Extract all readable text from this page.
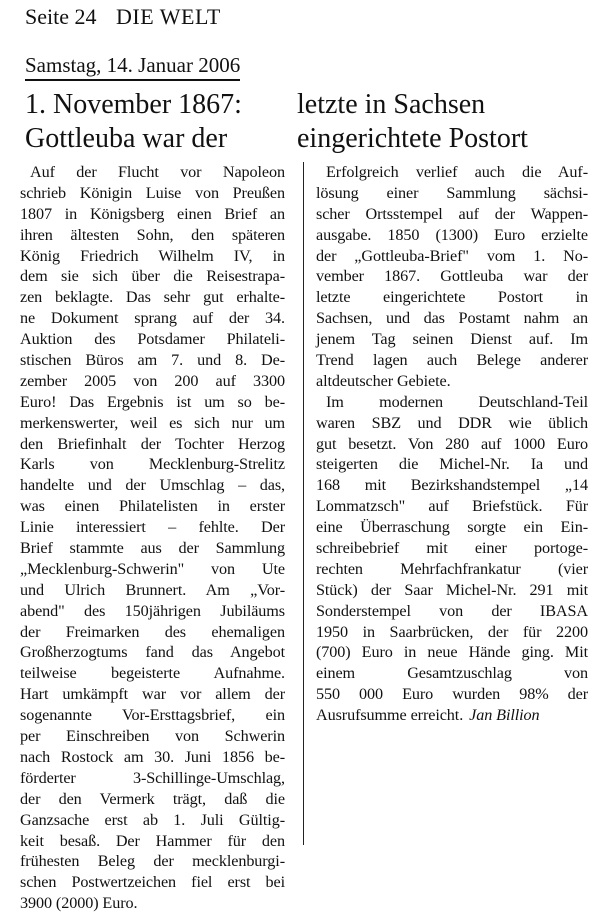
Seite 24 DIE WELT
Samstag, 14. Januar 2006
1. November 1867:
Gottleuba war der
letzte in Sachsen
eingerichtete Postort
Auf der Flucht vor Napoleon
schrieb Königin Luise von Preußen
1807 in Königsberg einen Brief an
ihren ältesten Sohn, den späteren
König Friedrich Wilhelm IV, in
dem sie sich über die Reisestrapa-
zen beklagte. Das sehr gut erhalte-
ne Dokument sprang auf der 34.
Auktion des Potsdamer Philateli-
stischen Büros am 7. und 8. De-
zember 2005 von 200 auf 3300
Euro! Das Ergebnis ist um so be-
merkenswerter, weil es sich nur um
den Briefinhalt der Tochter Herzog
Karls von Mecklenburg-Strelitz
handelte und der Umschlag – das,
was einen Philatelisten in erster
Linie interessiert – fehlte. Der
Brief stammte aus der Sammlung
„Mecklenburg-Schwerin" von Ute
und Ulrich Brunnert. Am „Vor-
abend" des 150jährigen Jubiläums
der Freimarken des ehemaligen
Großherzogtums fand das Angebot
teilweise begeisterte Aufnahme.
Hart umkämpft war vor allem der
sogenannte Vor-Ersttagsbrief, ein
per Einschreiben von Schwerin
nach Rostock am 30. Juni 1856 be-
förderter 3-Schillinge-Umschlag,
der den Vermerk trägt, daß die
Ganzsache erst ab 1. Juli Gültig-
keit besaß. Der Hammer für den
frühesten Beleg der mecklenburgi-
schen Postwertzeichen fiel erst bei
3900 (2000) Euro.
Erfolgreich verlief auch die Auf-
lösung einer Sammlung sächsi-
scher Ortsstempel auf der Wappen-
ausgabe. 1850 (1300) Euro erzielte
der „Gottleuba-Brief" vom 1. No-
vember 1867. Gottleuba war der
letzte eingerichtete Postort in
Sachsen, und das Postamt nahm an
jenem Tag seinen Dienst auf. Im
Trend lagen auch Belege anderer
altdeutscher Gebiete.
Im modernen Deutschland-Teil
waren SBZ und DDR wie üblich
gut besetzt. Von 280 auf 1000 Euro
steigerten die Michel-Nr. Ia und
168 mit Bezirkshandstempel „14
Lommatzsch" auf Briefstück. Für
eine Überraschung sorgte ein Ein-
schreibebrief mit einer portoge-
rechten Mehrfachfrankatur (vier
Stück) der Saar Michel-Nr. 291 mit
Sonderstempel von der IBASA
1950 in Saarbrücken, der für 2200
(700) Euro in neue Hände ging. Mit
einem Gesamtzuschlag von
550 000 Euro wurden 98% der
Ausrufsumme erreicht. Jan Billion
